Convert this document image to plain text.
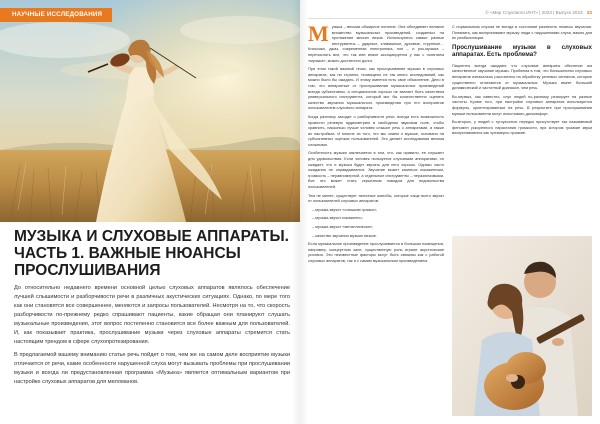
НАУЧНЫЕ ИССЛЕДОВАНИЯ
МУЗЫКА И СЛУХОВЫЕ АППАРАТЫ. ЧАСТЬ 1. ВАЖНЫЕ НЮАНСЫ ПРОСЛУШИВАНИЯ

До относительно недавнего времени основной целью слуховых аппаратов являлось обеспечение лучшей слышимости и разборчивости речи в различных акустических ситуациях. Однако, по мере того как они становятся все совершеннее, меняются и запросы пользователей. Несмотря на то, что скорость разборчивости по-прежнему редко спрашивают пациенты, какие обращая они планируют слушать музыкальные произведения, этот вопрос постепенно становится все более важным для пользователей. И, как показывает практика, прослушивание музыки через слуховые аппараты стремится стать настоящим трендом в сфере слухопротезирования.

В предлагаемой вашему вниманию статье речь пойдет о том, чем же на самом деле восприятие музыки отличается от речи, какие особенности нарушенной слуха могут вызывать проблемы при прослушивании музыки и всегда ли предустановленная программа «Музыка» является оптимальным вариантом при настройке слуховых аппаратов для меломанов.

© «Мир Слухового ИНТ» | 2023 | Выпуск 2023 23

Музыка – весьма обширное понятие. Она объединяет великое множество музыкальных произведений, созданных на протяжении многих веков. Используются самые разные инструменты – ударные, клавишные, духовые, струнные… Классика, джаз, современная электроника, поп – и рок-музыка – перечислять все, что так или иначе ассоциируется у нас с понятием «музыка», можно достаточно долго.

При этом такой важный тезис, как прослушивание музыки в слуховых аппаратах, как ни странно, посвящено не так много исследований, как можно было бы ожидать. И этому имеется есть свое объяснение. Дело в том, что аппаратные от прослушивания музыкальных произведений всегда субъективны, а специалистов хорошо не хватает быть качеством универсального инструмента, который мог бы количественно оценить качество звучания музыкального произведения при его восприятии пользователем слухового аппарата.

Когда разговор заходит о разборчивости речи, всегда есть возможность провести речевую аудиометрию в свободном звуковом поле, чтобы сравнить, насколько лучше человек слышит речь с аппаратами, а также их настройках. И многое из того, что мы знаем о музыке, основано на субъективных оценках пользователей. Это делает исследования весьма сложными.

Особенность музыки заключается в том, что, как правило, ее слушают для удовольствия. Если человек пользуется слуховыми аппаратами, он ожидает, что и музыка будет звучать для него хорошо. Однако часто ожидания не оправдываются. Звучание может казаться искаженным, громкость – неравномерной, а отдельные инструменты – неразличимыми. Все это может стать серьезным поводом для недовольства пользователей.

Тем не менее, существует типичные жалобы, которые чаще всего звучат от пользователей слуховых аппаратов:

– музыка звучит «слишком громко»;

– музыка звучит искаженно;

– музыка звучит «металлически»;

– качество звучания музыки низкое.

Если музыкальное произведение прослушивается в большом помещении, например, концертном зале, существенную роль играют акустические условия. Эти неизвестные факторы могут быть связаны как с работой слуховых аппаратов, так и с самим музыкальным произведением.

С нормальным слухом не всегда в состоянии различить нюансы звучания. Понимать, как воспринимают музыку люди с нарушениями слуха, важно для их реабилитации.

Прослушивание музыки в слуховых аппаратах. Есть проблема?

Пациенты всегда ожидают, что слуховые аппараты обеспечат им качественное звучание музыки. Проблема в том, что большинство слуховых аппаратов изначально рассчитано на обработку речевых сигналов, которые существенно отличаются от музыкальных. Музыка имеет больший динамический и частотный диапазон, чем речь.

Во-первых, как известно, слух людей по-разному реагирует на разные частоты. Кроме того, при настройке слуховых аппаратов используются формулы, ориентированные на речь. В результате при прослушивании музыки пользователи могут испытывать дискомфорт.

Во-вторых, у людей с тугоухостью нередко присутствует так называемый феномен ускоренного нарастания громкости, при котором громкие звуки воспринимаются как чрезмерно громкие.
